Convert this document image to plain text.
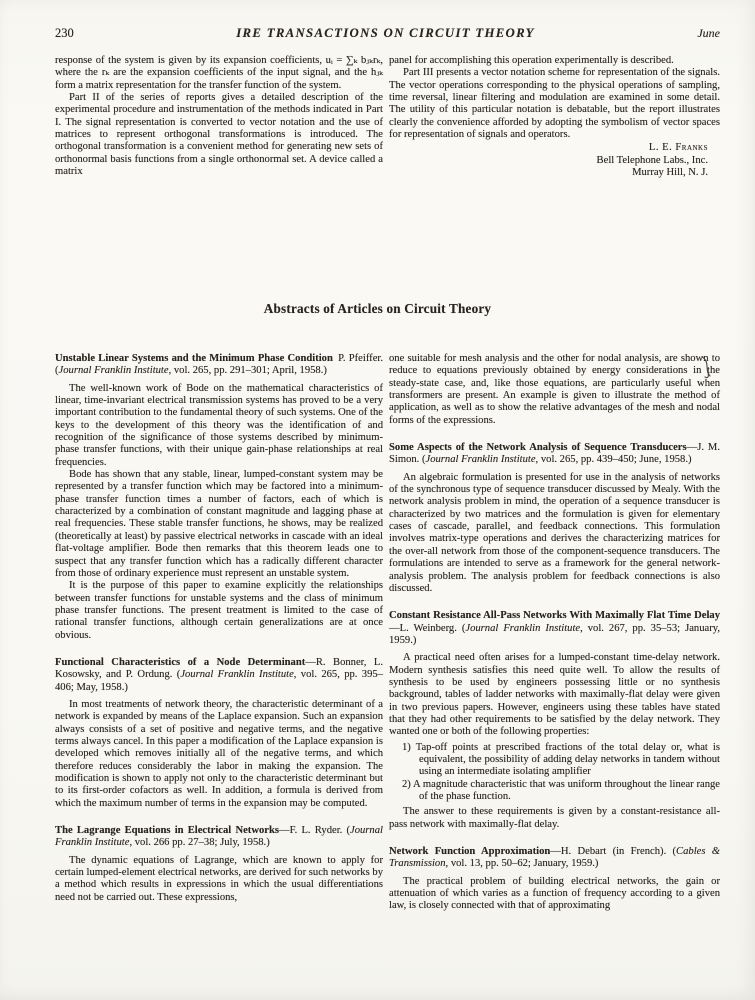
230	IRE TRANSACTIONS ON CIRCUIT THEORY	June

response of the system is given by its expansion coefficients, uᵢ = ∑ₖ bⱼₖrₖ, where the rₖ are the expansion coefficients of the input signal, and the hⱼₖ form a matrix representation for the transfer function of the system.

Part II of the series of reports gives a detailed description of the experimental procedure and instrumentation of the methods indicated in Part I. The signal representation is converted to vector notation and the use of matrices to represent orthogonal transformations is introduced. The orthogonal transformation is a convenient method for generating new sets of orthonormal basis functions from a single orthonormal set. A device called a matrix

panel for accomplishing this operation experimentally is described.

Part III presents a vector notation scheme for representation of the signals. The vector operations corresponding to the physical operations of sampling, time reversal, linear filtering and modulation are examined in some detail. The utility of this particular notation is debatable, but the report illustrates clearly the convenience afforded by adopting the symbolism of vector spaces for representation of signals and operators.

L. E. Franks
Bell Telephone Labs., Inc.
Murray Hill, N. J.
Abstracts of Articles on Circuit Theory
Unstable Linear Systems and the Minimum Phase Condition P. Pfeiffer. (Journal Franklin Institute, vol. 265, pp. 291–301; April, 1958.)

The well-known work of Bode on the mathematical characteristics of linear, time-invariant electrical transmission systems has proved to be a very important contribution to the fundamental theory of such systems. One of the keys to the development of this theory was the identification of and recognition of the significance of those systems described by minimum-phase transfer functions, with their unique gain-phase relationships at real frequencies.

Bode has shown that any stable, linear, lumped-constant system may be represented by a transfer function which may be factored into a minimum-phase transfer function times a number of factors, each of which is characterized by a combination of constant magnitude and lagging phase at real frequencies. These stable transfer functions, he shows, may be realized (theoretically at least) by passive electrical networks in cascade with an ideal flat-voltage amplifier. Bode then remarks that this theorem leads one to suspect that any transfer function which has a radically different character from those of ordinary experience must represent an unstable system.

It is the purpose of this paper to examine explicitly the relationships between transfer functions for unstable systems and the class of minimum phase transfer functions. The present treatment is limited to the case of rational transfer functions, although certain generalizations are at once obvious.

Functional Characteristics of a Node Determinant—R. Bonner, L. Kosowsky, and P. Ordung. (Journal Franklin Institute, vol. 265, pp. 395–406; May, 1958.)

In most treatments of network theory, the characteristic determinant of a network is expanded by means of the Laplace expansion. Such an expansion always consists of a set of positive and negative terms, and the negative terms always cancel. In this paper a modification of the Laplace expansion is developed which removes initially all of the negative terms, and which therefore reduces considerably the labor in making the expansion. The modification is shown to apply not only to the characteristic determinant but to its first-order cofactors as well. In addition, a formula is derived from which the maximum number of terms in the expansion may be computed.

The Lagrange Equations in Electrical Networks—F. L. Ryder. (Journal Franklin Institute, vol. 266 pp. 27–38; July, 1958.)

The dynamic equations of Lagrange, which are known to apply for certain lumped-element electrical networks, are derived for such networks by a method which results in expressions in which the usual differentiations need not be carried out. These expressions,

one suitable for mesh analysis and the other for nodal analysis, are shown to reduce to equations previously obtained by energy considerations in the steady-state case, and, like those equations, are particularly useful when transformers are present. An example is given to illustrate the method of application, as well as to show the relative advantages of the mesh and nodal forms of the expressions.

Some Aspects of the Network Analysis of Sequence Transducers—J. M. Simon. (Journal Franklin Institute, vol. 265, pp. 439–450; June, 1958.)

An algebraic formulation is presented for use in the analysis of networks of the synchronous type of sequence transducer discussed by Mealy. With the network analysis problem in mind, the operation of a sequence transducer is characterized by two matrices and the formulation is given for elementary cases of cascade, parallel, and feedback connections. This formulation involves matrix-type operations and derives the characterizing matrices for the over-all network from those of the component-sequence transducers. The formulations are intended to serve as a framework for the general network-analysis problem. The analysis problem for feedback connections is also discussed.

Constant Resistance All-Pass Networks With Maximally Flat Time Delay—L. Weinberg. (Journal Franklin Institute, vol. 267, pp. 35–53; January, 1959.)

A practical need often arises for a lumped-constant time-delay network. Modern synthesis satisfies this need quite well. To allow the results of synthesis to be used by engineers possessing little or no synthesis background, tables of ladder networks with maximally-flat delay were given in two previous papers. However, engineers using these tables have stated that they had other requirements to be satisfied by the delay network. They wanted one or both of the following properties:

1) Tap-off points at prescribed fractions of the total delay or, what is equivalent, the possibility of adding delay networks in tandem without using an intermediate isolating amplifier
2) A magnitude characteristic that was uniform throughout the linear range of the phase function.

The answer to these requirements is given by a constant-resistance all-pass network with maximally-flat delay.

Network Function Approximation—H. Debart (in French). (Cables & Transmission, vol. 13, pp. 50–62; January, 1959.)

The practical problem of building electrical networks, the gain or attenuation of which varies as a function of frequency according to a given law, is closely connected with that of approximating
